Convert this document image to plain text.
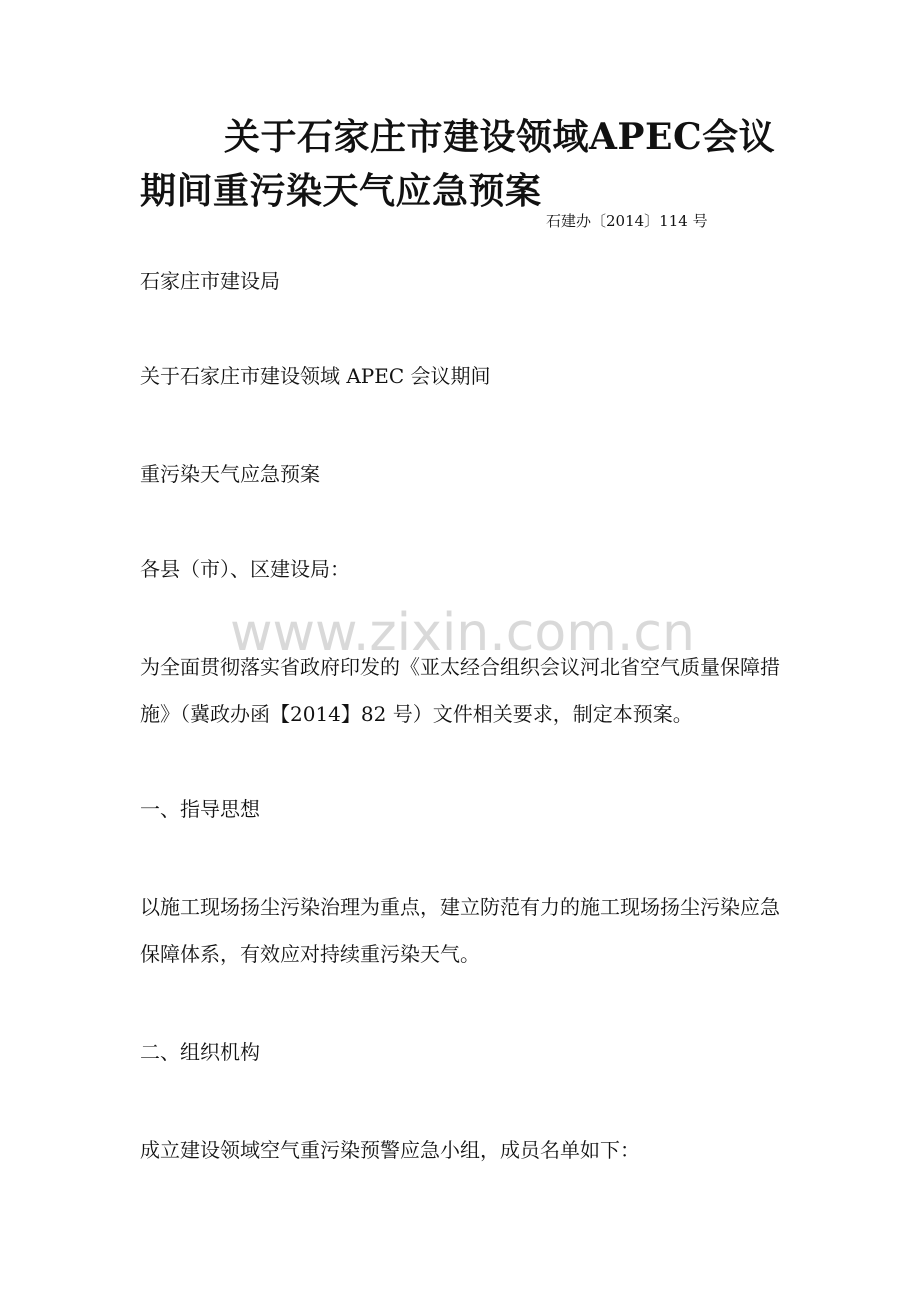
关于石家庄市建设领域APEC会议期间重污染天气应急预案
石建办〔2014〕114 号

石家庄市建设局

关于石家庄市建设领域 APEC 会议期间

重污染天气应急预案

各县（市）、区建设局：

www.zixin.com.cn

为全面贯彻落实省政府印发的《亚太经合组织会议河北省空气质量保障措施》（冀政办函【2014】82 号）文件相关要求，制定本预案。

一、指导思想

以施工现场扬尘污染治理为重点，建立防范有力的施工现场扬尘污染应急保障体系，有效应对持续重污染天气。

二、组织机构

成立建设领域空气重污染预警应急小组，成员名单如下：
